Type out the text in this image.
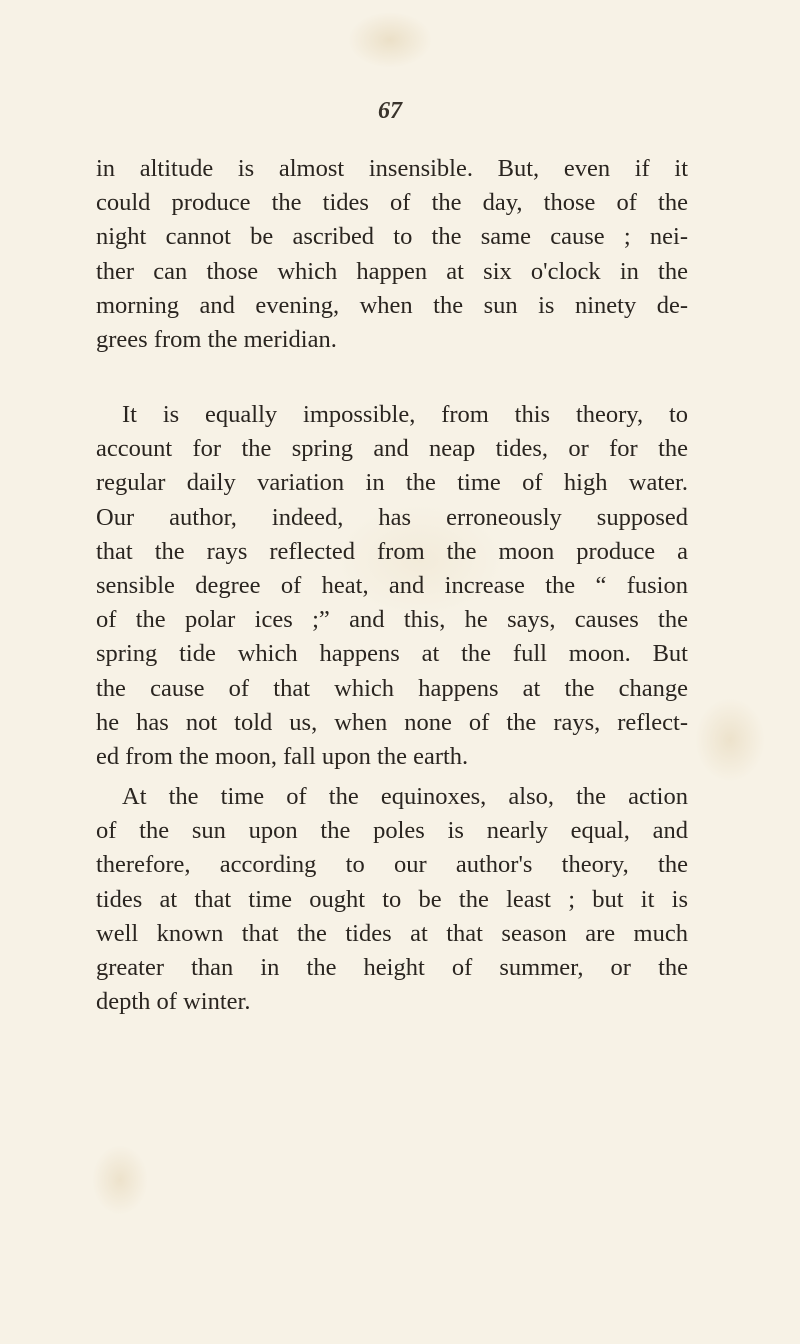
67
in altitude is almost insensible. But, even if it
could produce the tides of the day, those of the
night cannot be ascribed to the same cause ; nei-
ther can those which happen at six o'clock in the
morning and evening, when the sun is ninety de-
grees from the meridian.
It is equally impossible, from this theory, to
account for the spring and neap tides, or for the
regular daily variation in the time of high water.
Our author, indeed, has erroneously supposed
that the rays reflected from the moon produce a
sensible degree of heat, and increase the “ fusion
of the polar ices ;” and this, he says, causes the
spring tide which happens at the full moon. But
the cause of that which happens at the change
he has not told us, when none of the rays, reflect-
ed from the moon, fall upon the earth.
At the time of the equinoxes, also, the action
of the sun upon the poles is nearly equal, and
therefore, according to our author's theory, the
tides at that time ought to be the least ; but it is
well known that the tides at that season are much
greater than in the height of summer, or the
depth of winter.
